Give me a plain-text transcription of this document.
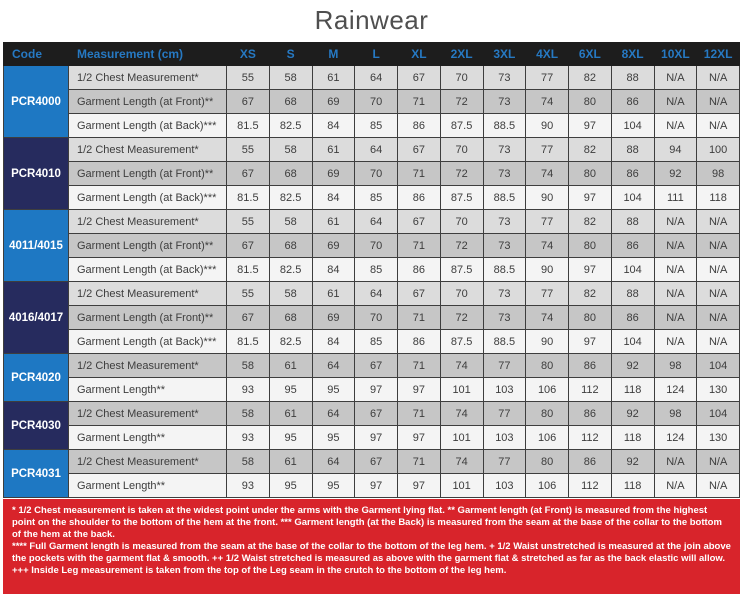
Rainwear
Code	Measurement (cm)	XS	S	M	L	XL	2XL	3XL	4XL	6XL	8XL	10XL	12XL
PCR4000	1/2 Chest Measurement*	55	58	61	64	67	70	73	77	82	88	N/A	N/A
	Garment Length (at Front)**	67	68	69	70	71	72	73	74	80	86	N/A	N/A
	Garment Length (at Back)***	81.5	82.5	84	85	86	87.5	88.5	90	97	104	N/A	N/A
PCR4010	1/2 Chest Measurement*	55	58	61	64	67	70	73	77	82	88	94	100
	Garment Length (at Front)**	67	68	69	70	71	72	73	74	80	86	92	98
	Garment Length (at Back)***	81.5	82.5	84	85	86	87.5	88.5	90	97	104	111	118
4011/4015	1/2 Chest Measurement*	55	58	61	64	67	70	73	77	82	88	N/A	N/A
	Garment Length (at Front)**	67	68	69	70	71	72	73	74	80	86	N/A	N/A
	Garment Length (at Back)***	81.5	82.5	84	85	86	87.5	88.5	90	97	104	N/A	N/A
4016/4017	1/2 Chest Measurement*	55	58	61	64	67	70	73	77	82	88	N/A	N/A
	Garment Length (at Front)**	67	68	69	70	71	72	73	74	80	86	N/A	N/A
	Garment Length (at Back)***	81.5	82.5	84	85	86	87.5	88.5	90	97	104	N/A	N/A
PCR4020	1/2 Chest Measurement*	58	61	64	67	71	74	77	80	86	92	98	104
	Garment Length**	93	95	95	97	97	101	103	106	112	118	124	130
PCR4030	1/2 Chest Measurement*	58	61	64	67	71	74	77	80	86	92	98	104
	Garment Length**	93	95	95	97	97	101	103	106	112	118	124	130
PCR4031	1/2 Chest Measurement*	58	61	64	67	71	74	77	80	86	92	N/A	N/A
	Garment Length**	93	95	95	97	97	101	103	106	112	118	N/A	N/A

* 1/2 Chest measurement is taken at the widest point under the arms with the Garment lying flat. ** Garment length (at Front) is measured from the highest point on the shoulder to the bottom of the hem at the front. *** Garment length (at the Back) is measured from the seam at the base of the collar to the bottom of the hem at the back.

**** Full Garment length is measured from the seam at the base of the collar to the bottom of the leg hem. + 1/2 Waist unstretched is measured at the join above the pockets with the garment flat & smooth. ++ 1/2 Waist stretched is measured as above with the garment flat & stretched as far as the back elastic will allow.

+++ Inside Leg measurement is taken from the top of the Leg seam in the crutch to the bottom of the leg hem.
